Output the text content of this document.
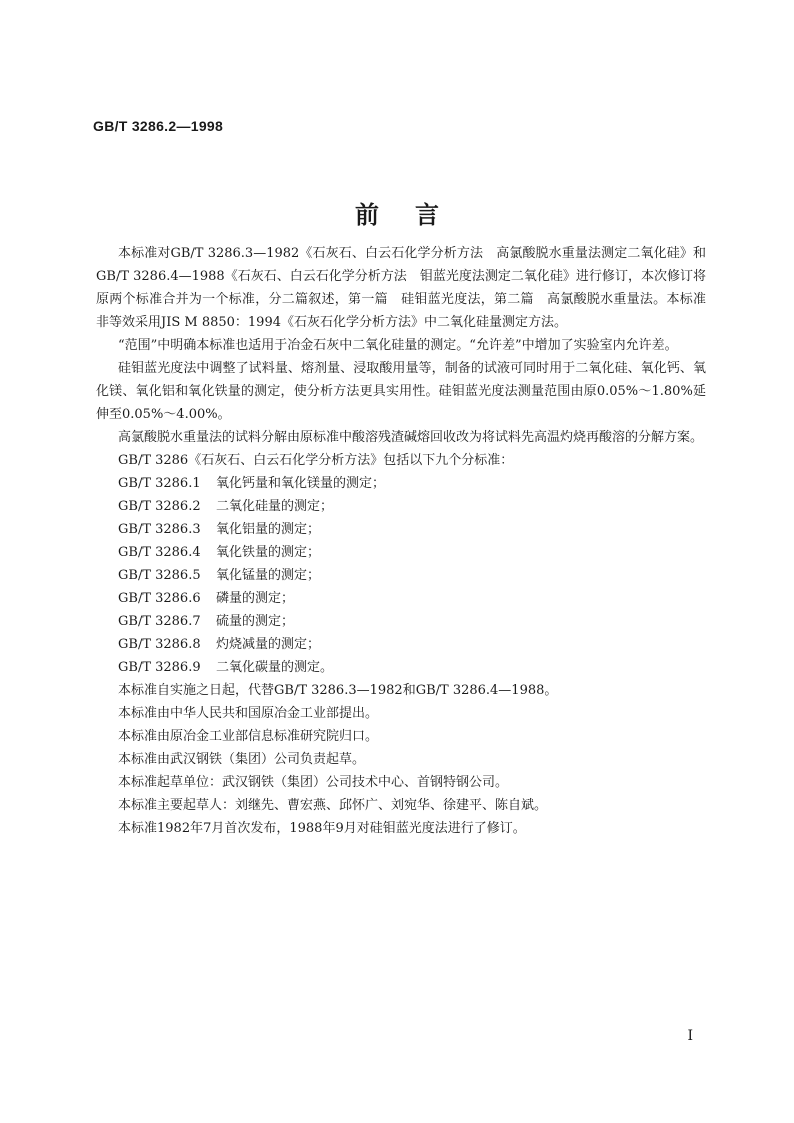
GB/T 3286.2—1998
前言

本标准对GB/T 3286.3—1982《石灰石、白云石化学分析方法　高氯酸脱水重量法测定二氧化硅》和GB/T 3286.4—1988《石灰石、白云石化学分析方法　钼蓝光度法测定二氧化硅》进行修订，本次修订将原两个标准合并为一个标准，分二篇叙述，第一篇　硅钼蓝光度法，第二篇　高氯酸脱水重量法。本标准非等效采用JIS M 8850：1994《石灰石化学分析方法》中二氧化硅量测定方法。

“范围”中明确本标准也适用于冶金石灰中二氧化硅量的测定。“允许差”中增加了实验室内允许差。

硅钼蓝光度法中调整了试料量、熔剂量、浸取酸用量等，制备的试液可同时用于二氧化硅、氧化钙、氧化镁、氧化铝和氧化铁量的测定，使分析方法更具实用性。硅钼蓝光度法测量范围由原0.05%～1.80%延伸至0.05%～4.00%。

高氯酸脱水重量法的试料分解由原标准中酸溶残渣碱熔回收改为将试料先高温灼烧再酸溶的分解方案。

GB/T 3286《石灰石、白云石化学分析方法》包括以下九个分标准：

GB/T 3286.1 氧化钙量和氧化镁量的测定；
GB/T 3286.2 二氧化硅量的测定；
GB/T 3286.3 氧化铝量的测定；
GB/T 3286.4 氧化铁量的测定；
GB/T 3286.5 氧化锰量的测定；
GB/T 3286.6 磷量的测定；
GB/T 3286.7 硫量的测定；
GB/T 3286.8 灼烧减量的测定；
GB/T 3286.9 二氧化碳量的测定。

本标准自实施之日起，代替GB/T 3286.3—1982和GB/T 3286.4—1988。

本标准由中华人民共和国原冶金工业部提出。

本标准由原冶金工业部信息标准研究院归口。

本标准由武汉钢铁（集团）公司负责起草。

本标准起草单位：武汉钢铁（集团）公司技术中心、首钢特钢公司。

本标准主要起草人：刘继先、曹宏燕、邱怀广、刘宛华、徐建平、陈自斌。

本标准1982年7月首次发布，1988年9月对硅钼蓝光度法进行了修订。

I
